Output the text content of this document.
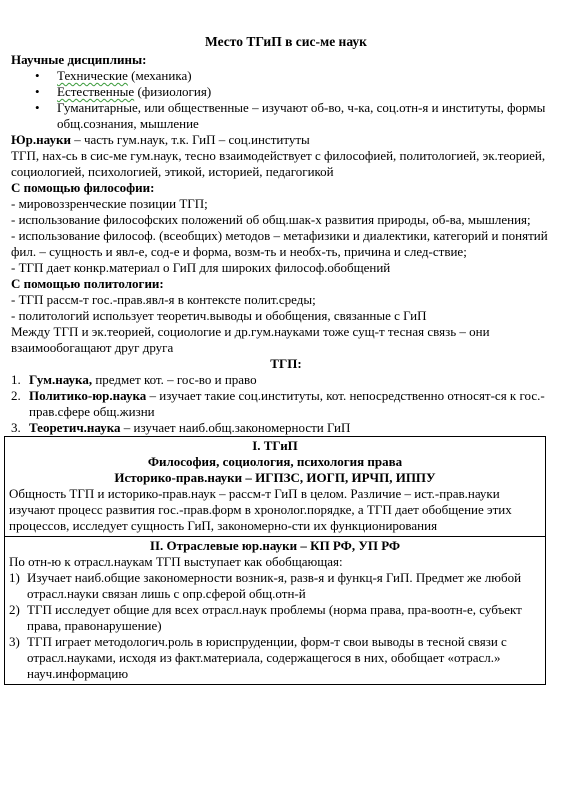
Место ТГиП в сис-ме наук
Научные дисциплины:
• Технические (механика)
• Естественные (физиология)
• Гуманитарные, или общественные – изучают об-во, ч-ка, соц.отн-я и институты, формы общ.сознания, мышление
Юр.науки – часть гум.наук, т.к. ГиП – соц.институты
ТГП, нах-сь в сис-ме гум.наук, тесно взаимодействует с философией, политологией, эк.теорией, социологией, психологией, этикой, историей, педагогикой
С помощью философии:
- мировоззренческие позиции ТГП;
- использование философских положений об общ.шак-х развития природы, об-ва, мышления;
- использование философ. (всеобщих) методов – метафизики и диалектики, категорий и понятий фил. – сущность и явл-е, сод-е и форма, возм-ть и необх-ть, причина и след-ствие;
- ТГП дает конкр.материал о ГиП для широких философ.обобщений
С помощью политологии:
- ТГП рассм-т гос.-прав.явл-я в контексте полит.среды;
- политологий использует теоретич.выводы и обобщения, связанные с ГиП
Между ТГП и эк.теорией, социологие и др.гум.науками тоже сущ-т тесная связь – они взаимообогащают друг друга
ТГП:
1. Гум.наука, предмет кот. – гос-во и право
2. Политико-юр.наука – изучает такие соц.институты, кот. непосредственно относят-ся к гос.-прав.сфере общ.жизни
3. Теоретич.наука – изучает наиб.общ.закономерности ГиП
I. ТГиП
Философия, социология, психология права
Историко-прав.науки – ИГПЗС, ИОГП, ИРЧП, ИППУ
Общность ТГП и историко-прав.наук – рассм-т ГиП в целом. Различие – ист.-прав.науки изучают процесс развития гос.-прав.форм в хронолог.порядке, а ТГП дает обобщение этих процессов, исследует сущность ГиП, закономерно-сти их функционирования
II. Отраслевые юр.науки – КП РФ, УП РФ
По отн-ю к отрасл.наукам ТГП выступает как обобщающая:
1) Изучает наиб.общие закономерности возник-я, разв-я и функц-я ГиП. Предмет же любой отрасл.науки связан лишь с опр.сферой общ.отн-й
2) ТГП исследует общие для всех отрасл.наук проблемы (норма права, пра-воотн-е, субъект права, правонарушение)
3) ТГП играет методологич.роль в юриспруденции, форм-т свои выводы в тесной связи с отрасл.науками, исходя из факт.материала, содержащегося в них, обобщает «отрасл.» науч.информацию
